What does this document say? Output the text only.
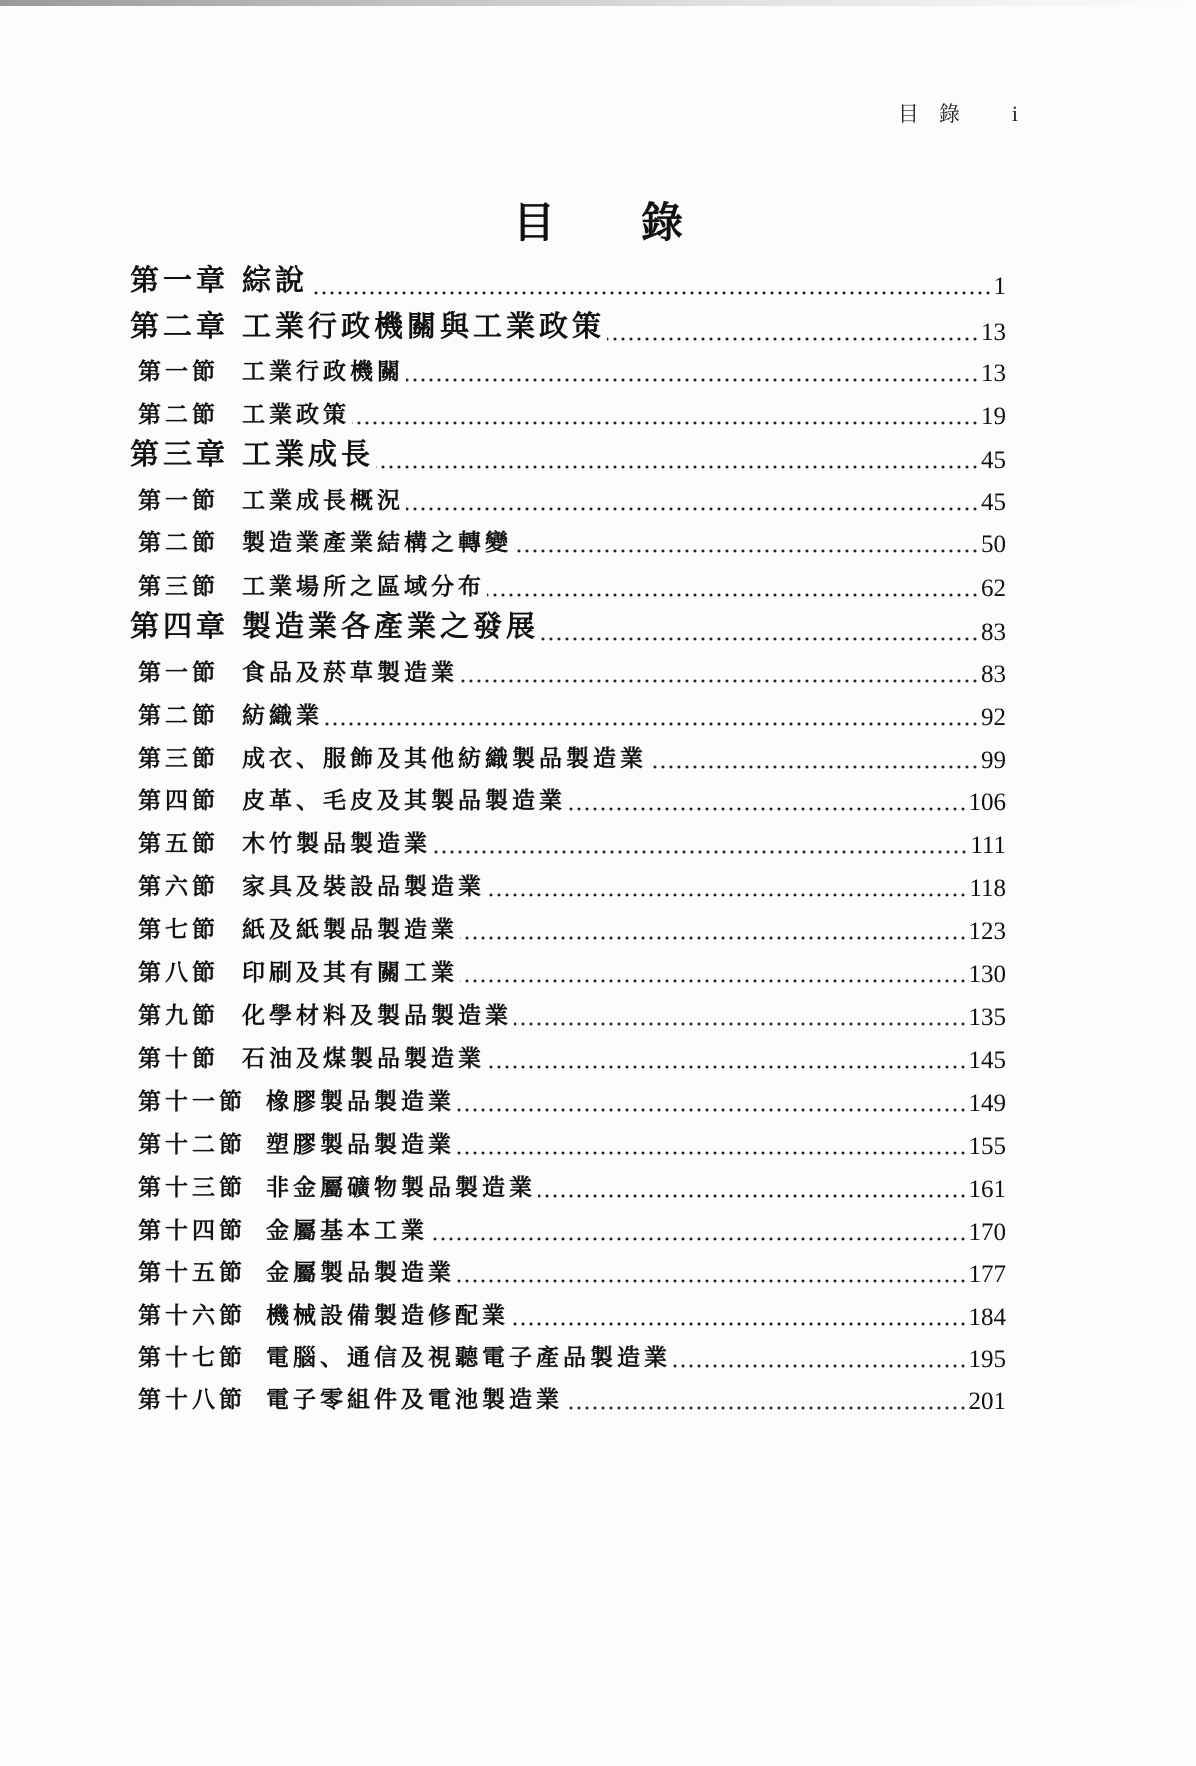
目 錄 i
目 錄
第一章 綜說	1
第二章 工業行政機關與工業政策	13
第一節 工業行政機關	13
第二節 工業政策	19
第三章 工業成長	45
第一節 工業成長概況	45
第二節 製造業產業結構之轉變	50
第三節 工業場所之區域分布	62
第四章 製造業各產業之發展	83
第一節 食品及菸草製造業	83
第二節 紡織業	92
第三節 成衣、服飾及其他紡織製品製造業	99
第四節 皮革、毛皮及其製品製造業	106
第五節 木竹製品製造業	111
第六節 家具及裝設品製造業	118
第七節 紙及紙製品製造業	123
第八節 印刷及其有關工業	130
第九節 化學材料及製品製造業	135
第十節 石油及煤製品製造業	145
第十一節 橡膠製品製造業	149
第十二節 塑膠製品製造業	155
第十三節 非金屬礦物製品製造業	161
第十四節 金屬基本工業	170
第十五節 金屬製品製造業	177
第十六節 機械設備製造修配業	184
第十七節 電腦、通信及視聽電子產品製造業	195
第十八節 電子零組件及電池製造業	201
